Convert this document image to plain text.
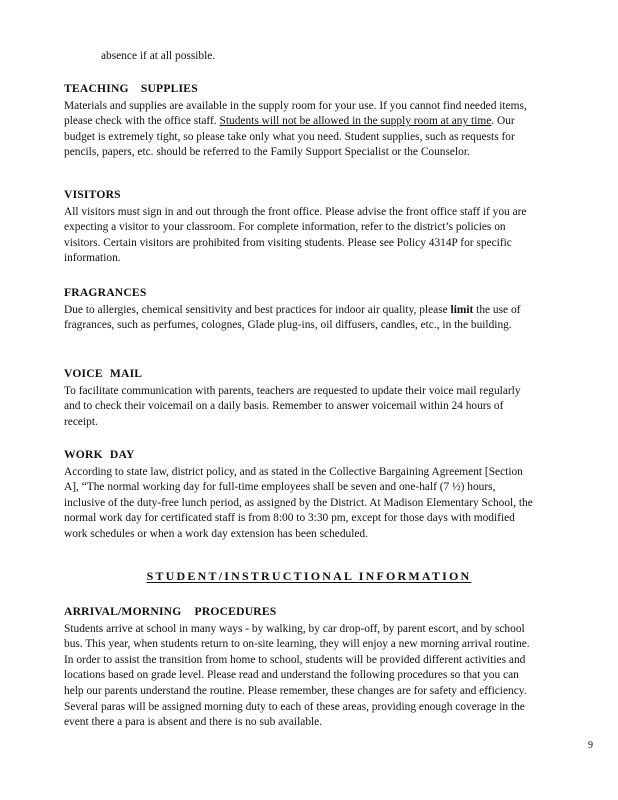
absence if at all possible.
TEACHING SUPPLIES

Materials and supplies are available in the supply room for your use. If you cannot find needed items, please check with the office staff. Students will not be allowed in the supply room at any time. Our budget is extremely tight, so please take only what you need. Student supplies, such as requests for pencils, papers, etc. should be referred to the Family Support Specialist or the Counselor.

VISITORS

All visitors must sign in and out through the front office. Please advise the front office staff if you are expecting a visitor to your classroom. For complete information, refer to the district’s policies on visitors. Certain visitors are prohibited from visiting students. Please see Policy 4314P for specific information.

FRAGRANCES

Due to allergies, chemical sensitivity and best practices for indoor air quality, please limit the use of fragrances, such as perfumes, colognes, Glade plug-ins, oil diffusers, candles, etc., in the building.

VOICE MAIL

To facilitate communication with parents, teachers are requested to update their voice mail regularly and to check their voicemail on a daily basis. Remember to answer voicemail within 24 hours of receipt.

WORK DAY

According to state law, district policy, and as stated in the Collective Bargaining Agreement [Section A], “The normal working day for full-time employees shall be seven and one-half (7 ½) hours, inclusive of the duty-free lunch period, as assigned by the District. At Madison Elementary School, the normal work day for certificated staff is from 8:00 to 3:30 pm, except for those days with modified work schedules or when a work day extension has been scheduled.

STUDENT/INSTRUCTIONAL INFORMATION
ARRIVAL/MORNING PROCEDURES

Students arrive at school in many ways - by walking, by car drop-off, by parent escort, and by school bus. This year, when students return to on-site learning, they will enjoy a new morning arrival routine. In order to assist the transition from home to school, students will be provided different activities and locations based on grade level. Please read and understand the following procedures so that you can help our parents understand the routine. Please remember, these changes are for safety and efficiency. Several paras will be assigned morning duty to each of these areas, providing enough coverage in the event there a para is absent and there is no sub available.

9
